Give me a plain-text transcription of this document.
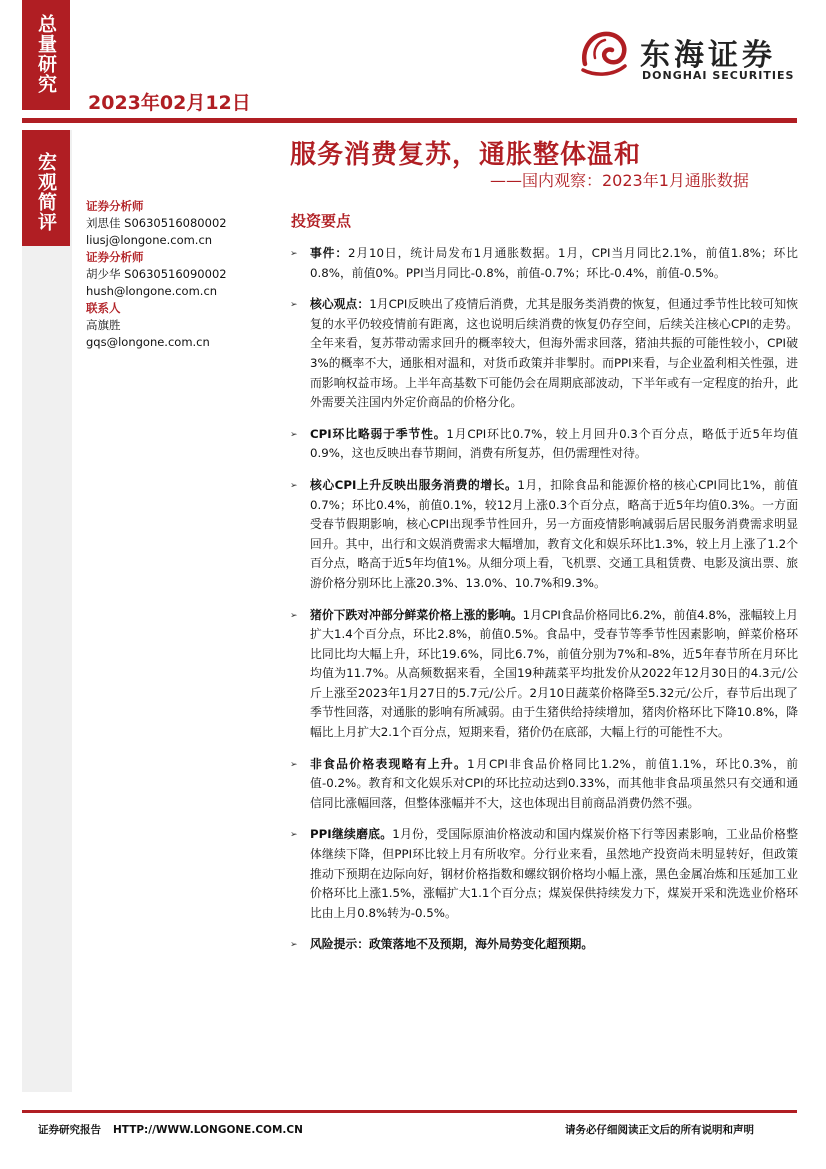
总量研究
2023年02月12日
东海证券
DONGHAI SECURITIES
宏观简评	证券分析师
刘思佳 S0630516080002
liusj@longone.com.cn
证券分析师
胡少华 S0630516090002
hush@longone.com.cn
联系人
高旗胜
gqs@longone.com.cn
服务消费复苏，通胀整体温和
——国内观察：2023年1月通胀数据
投资要点
➢ 事件：2月10日，统计局发布1月通胀数据。1月，CPI当月同比2.1%，前值1.8%；环比0.8%，前值0%。PPI当月同比-0.8%，前值-0.7%；环比-0.4%，前值-0.5%。
➢ 核心观点：1月CPI反映出了疫情后消费，尤其是服务类消费的恢复，但通过季节性比较可知恢复的水平仍较疫情前有距离，这也说明后续消费的恢复仍存空间，后续关注核心CPI的走势。全年来看，复苏带动需求回升的概率较大，但海外需求回落，猪油共振的可能性较小，CPI破3%的概率不大，通胀相对温和，对货币政策并非掣肘。而PPI来看，与企业盈利相关性强，进而影响权益市场。上半年高基数下可能仍会在周期底部波动，下半年或有一定程度的抬升，此外需要关注国内外定价商品的价格分化。
➢ CPI环比略弱于季节性。1月CPI环比0.7%，较上月回升0.3个百分点，略低于近5年均值0.9%，这也反映出春节期间，消费有所复苏，但仍需理性对待。
➢ 核心CPI上升反映出服务消费的增长。1月，扣除食品和能源价格的核心CPI同比1%，前值0.7%；环比0.4%，前值0.1%，较12月上涨0.3个百分点，略高于近5年均值0.3%。一方面受春节假期影响，核心CPI出现季节性回升，另一方面疫情影响减弱后居民服务消费需求明显回升。其中，出行和文娱消费需求大幅增加，教育文化和娱乐环比1.3%，较上月上涨了1.2个百分点，略高于近5年均值1%。从细分项上看，飞机票、交通工具租赁费、电影及演出票、旅游价格分别环比上涨20.3%、13.0%、10.7%和9.3%。
➢ 猪价下跌对冲部分鲜菜价格上涨的影响。1月CPI食品价格同比6.2%，前值4.8%，涨幅较上月扩大1.4个百分点，环比2.8%，前值0.5%。食品中，受春节等季节性因素影响，鲜菜价格环比同比均大幅上升，环比19.6%，同比6.7%，前值分别为7%和-8%，近5年春节所在月环比均值为11.7%。从高频数据来看，全国19种蔬菜平均批发价从2022年12月30日的4.3元/公斤上涨至2023年1月27日的5.7元/公斤。2月10日蔬菜价格降至5.32元/公斤，春节后出现了季节性回落，对通胀的影响有所减弱。由于生猪供给持续增加，猪肉价格环比下降10.8%，降幅比上月扩大2.1个百分点，短期来看，猪价仍在底部，大幅上行的可能性不大。
➢ 非食品价格表现略有上升。1月CPI非食品价格同比1.2%，前值1.1%，环比0.3%，前值-0.2%。教育和文化娱乐对CPI的环比拉动达到0.33%，而其他非食品项虽然只有交通和通信同比涨幅回落，但整体涨幅并不大，这也体现出目前商品消费仍然不强。
➢ PPI继续磨底。1月份，受国际原油价格波动和国内煤炭价格下行等因素影响，工业品价格整体继续下降，但PPI环比较上月有所收窄。分行业来看，虽然地产投资尚未明显转好，但政策推动下预期在边际向好，钢材价格指数和螺纹钢价格均小幅上涨，黑色金属冶炼和压延加工业价格环比上涨1.5%，涨幅扩大1.1个百分点；煤炭保供持续发力下，煤炭开采和洗选业价格环比由上月0.8%转为-0.5%。
➢ 风险提示：政策落地不及预期，海外局势变化超预期。
证券研究报告 HTTP://WWW.LONGONE.COM.CN	请务必仔细阅读正文后的所有说明和声明
